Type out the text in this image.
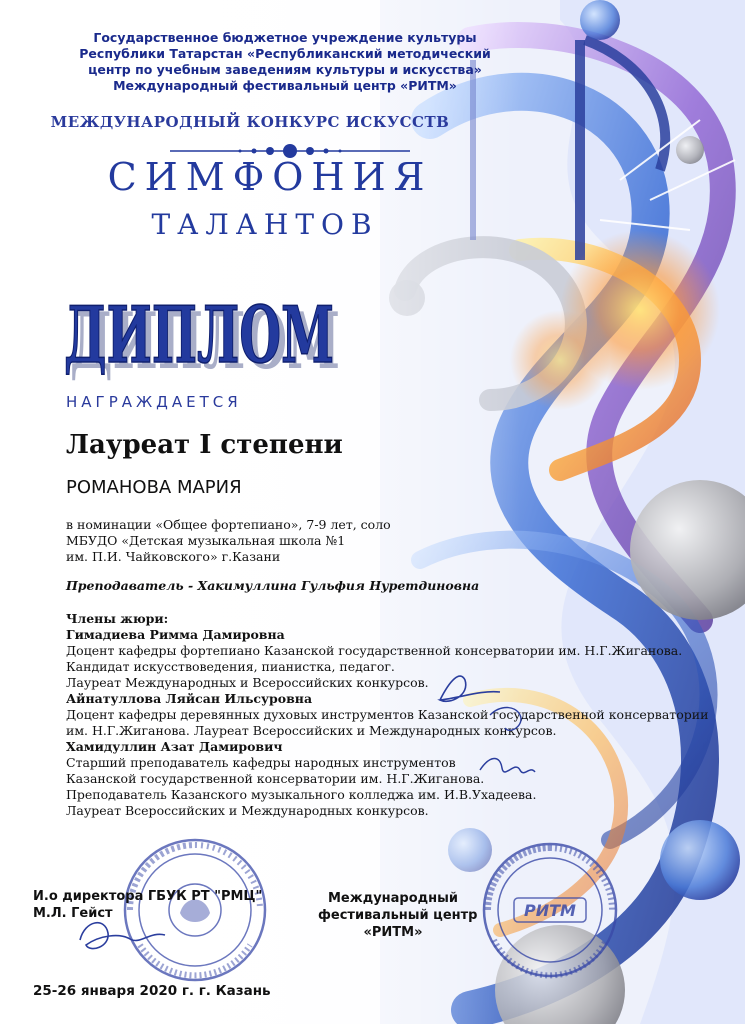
Государственное бюджетное учреждение культуры
Республики Татарстан «Республиканский методический
центр по учебным заведениям культуры и искусства»
Международный фестивальный центр «РИТМ»
МЕЖДУНАРОДНЫЙ КОНКУРС ИСКУССТВ
СИМФОНИЯ
ТАЛАНТОВ
ДИПЛОМ
ДИПЛОМ
НАГРАЖДАЕТСЯ
Лауреат I степени
РОМАНОВА МАРИЯ
в номинации «Общее фортепиано», 7-9 лет, соло
МБУДО «Детская музыкальная школа №1
им. П.И. Чайковского» г.Казани
Преподаватель - Хакимуллина Гульфия Нуретдиновна
Члены жюри:
Гимадиева Римма Дамировна
Доцент кафедры фортепиано Казанской государственной консерватории им. Н.Г.Жиганова.
Кандидат искусствоведения, пианистка, педагог.
Лауреат Международных и Всероссийских конкурсов.
Айнатуллова Ляйсан Ильсуровна
Доцент кафедры деревянных духовых инструментов Казанской государственной консерватории
им. Н.Г.Жиганова. Лауреат Всероссийских и Международных конкурсов.
Хамидуллин Азат Дамирович
Старший преподаватель кафедры народных инструментов
Казанской государственной консерватории им. Н.Г.Жиганова.
Преподаватель Казанского музыкального колледжа им. И.В.Ухадеева.
Лауреат Всероссийских и Международных конкурсов.
РИТМ
И.о директора ГБУК РТ "РМЦ"
М.Л. Гейст
Международный
фестивальный центр
«РИТМ»
25-26 января 2020 г. г. Казань
